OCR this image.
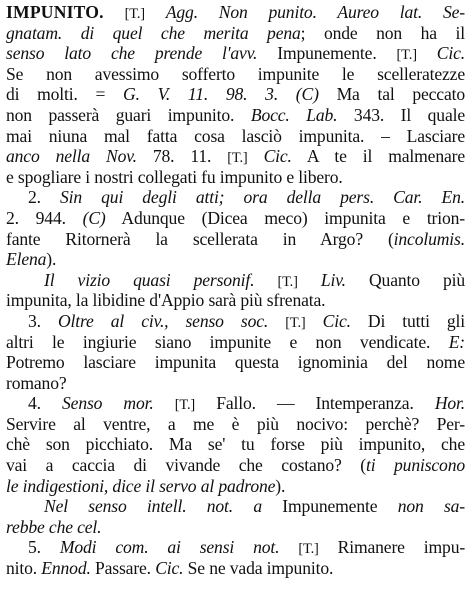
IMPUNITO. [T.] Agg. Non punito. Aureo lat. Se-
gnatam. di quel che merita pena; onde non ha il
senso lato che prende l'avv. Impunemente. [T.] Cic.
Se non avessimo sofferto impunite le scelleratezze
di molti. = G. V. 11. 98. 3. (C) Ma tal peccato
non passerà guari impunito. Bocc. Lab. 343. Il quale
mai niuna mal fatta cosa lasciò impunita. – Lasciare
anco nella Nov. 78. 11. [T.] Cic. A te il malmenare
e spogliare i nostri collegati fu impunito e libero.
2. Sin qui degli atti; ora della pers. Car. En.
2. 944. (C) Adunque (Dicea meco) impunita e trion-
fante Ritornerà la scellerata in Argo? (incolumis.
Elena).
Il vizio quasi personif. [T.] Liv. Quanto più
impunita, la libidine d'Appio sarà più sfrenata.
3. Oltre al civ., senso soc. [T.] Cic. Di tutti gli
altri le ingiurie siano impunite e non vendicate. E:
Potremo lasciare impunita questa ignominia del nome
romano?
4. Senso mor. [T.] Fallo. — Intemperanza. Hor.
Servire al ventre, a me è più nocivo: perchè? Per-
chè son picchiato. Ma se' tu forse più impunito, che
vai a caccia di vivande che costano? (ti puniscono
le indigestioni, dice il servo al padrone).
Nel senso intell. not. a Impunemente non sa-
rebbe che cel.
5. Modi com. ai sensi not. [T.] Rimanere impu-
nito. Ennod. Passare. Cic. Se ne vada impunito.
